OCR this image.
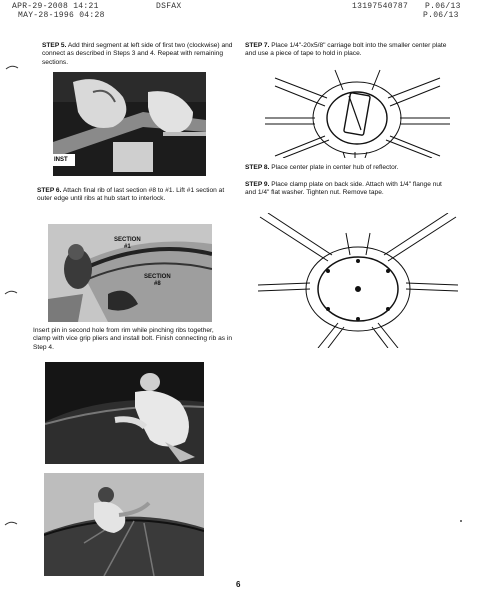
APR-29-2008 14:21	DSFAX	13197540787 P.06/13
MAY-28-1996 04:28	P.06/13
STEP 5. Add third segment at left side of first two (clockwise) and connect as described in Steps 3 and 4. Repeat with remaining sections.
INST
STEP 6. Attach final rib of last section #8 to #1. Lift #1 section at outer edge until ribs at hub start to interlock.
SECTION
#1
SECTION
#8
Insert pin in second hole from rim while pinching ribs together, clamp with vice grip pliers and install bolt. Finish connecting rib as in Step 4.
STEP 7. Place 1/4"-20x5/8" carriage bolt into the smaller center plate and use a piece of tape to hold in place.
STEP 8. Place center plate in center hub of reflector.
STEP 9. Place clamp plate on back side. Attach with 1/4" flange nut and 1/4" flat washer. Tighten nut. Remove tape.
6
